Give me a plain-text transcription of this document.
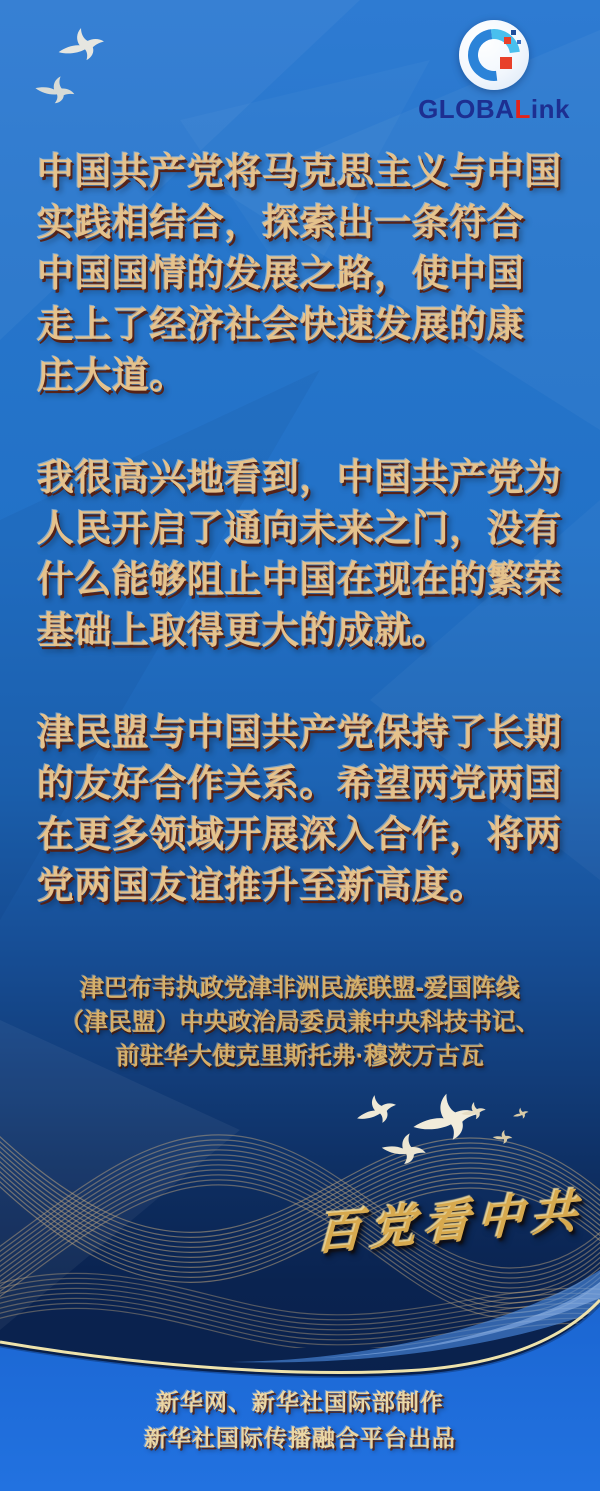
GLOBALink
中国共产党将马克思主义与中国
实践相结合，探索出一条符合
中国国情的发展之路，使中国
走上了经济社会快速发展的康
庄大道。
我很高兴地看到，中国共产党为
人民开启了通向未来之门，没有
什么能够阻止中国在现在的繁荣
基础上取得更大的成就。
津民盟与中国共产党保持了长期
的友好合作关系。希望两党两国
在更多领域开展深入合作，将两
党两国友谊推升至新高度。
津巴布韦执政党津非洲民族联盟-爱国阵线
（津民盟）中央政治局委员兼中央科技书记、
前驻华大使克里斯托弗·穆茨万古瓦
百党看中共
新华网、新华社国际部制作
新华社国际传播融合平台出品
